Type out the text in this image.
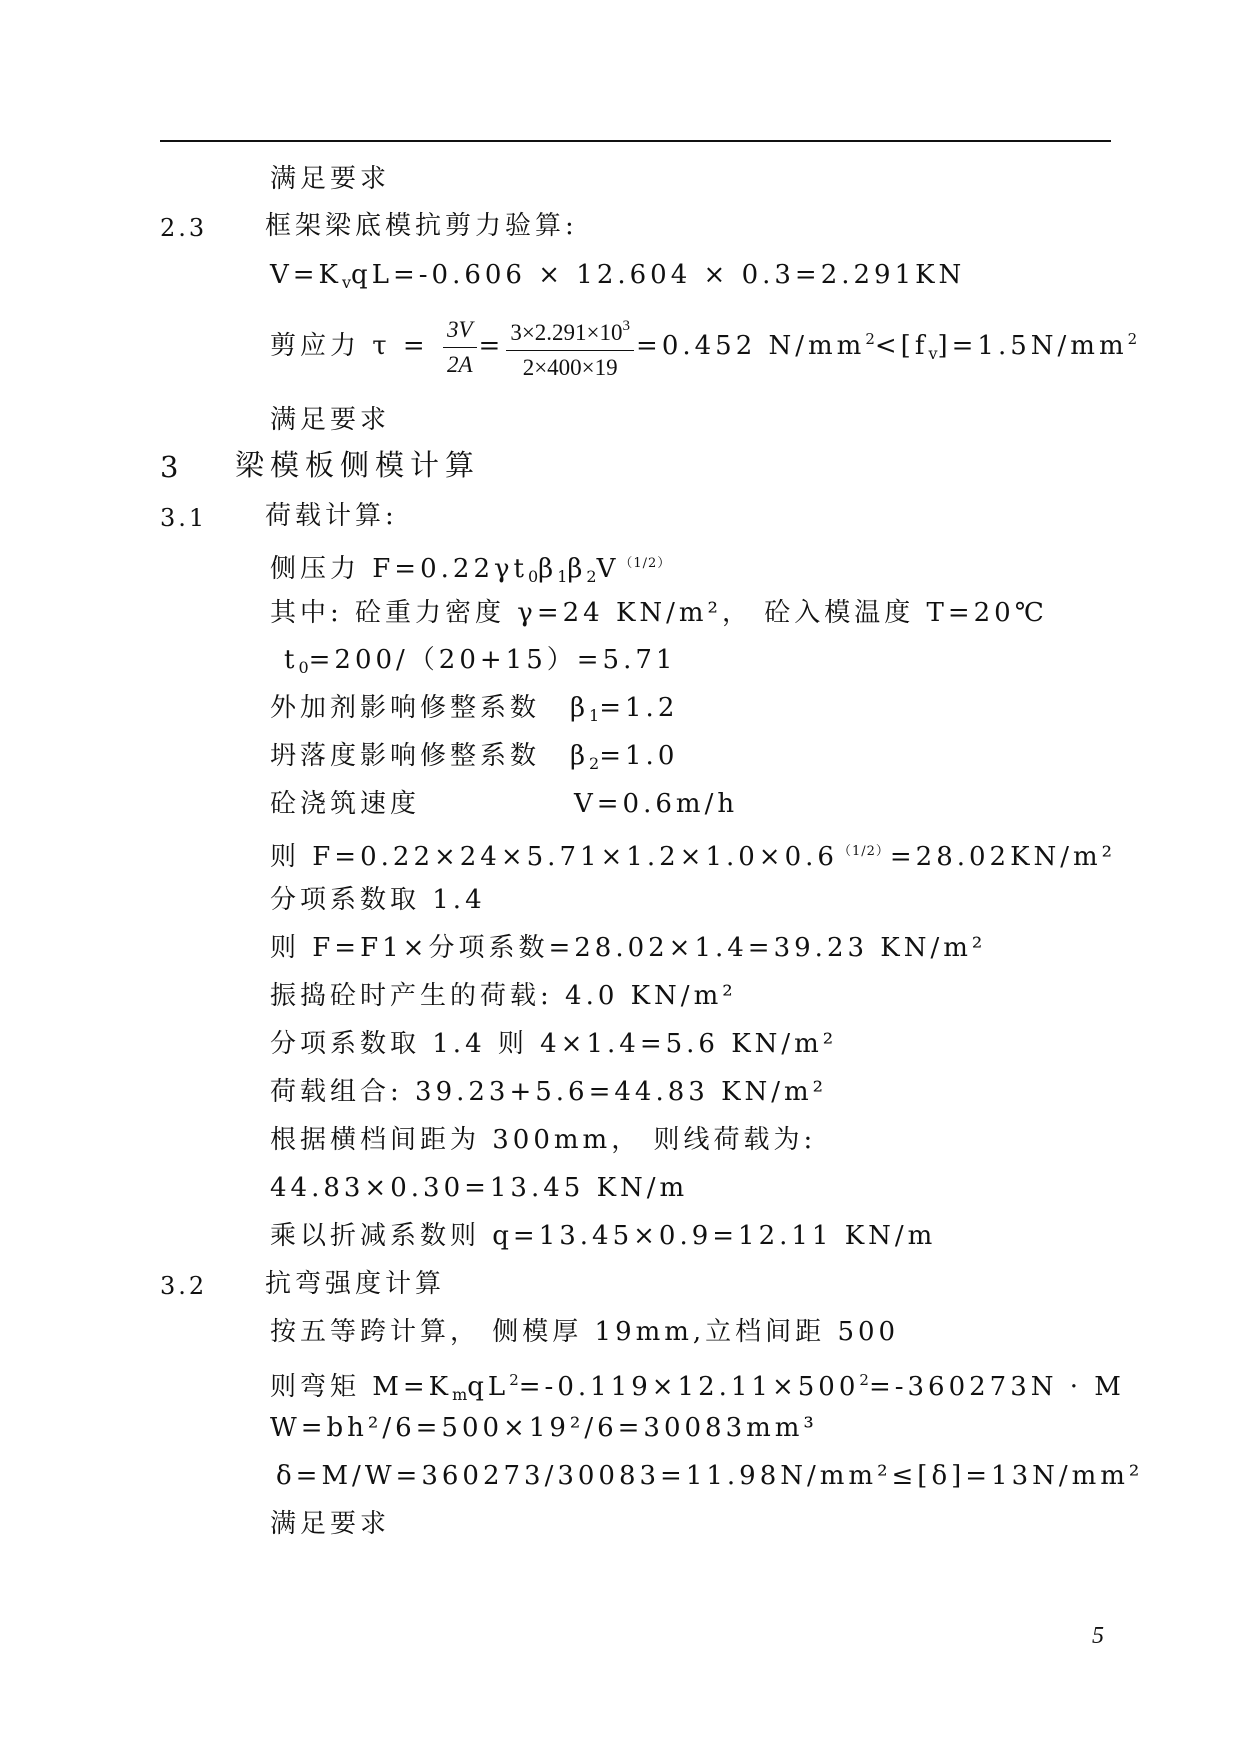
满足要求
2.3 框架梁底模抗剪力验算:
$V=K_vqL=-0.606 \times 12.604 \times 0.3=2.291KN$
剪应力 $\tau = \frac{3V}{2A} = \frac{3\times 2.291\times 10^3}{2\times 400\times 19} =0.452$ $N/mm^2<[f_v]=1.5N/mm^2$
满足要求
3 梁模板侧模计算
3.1 荷载计算:
侧压力 $F=0.22\gamma t_0\beta_1\beta_2V^{(1/2)}$
其中: 砼重力密度 γ=24 KN/m²， 砼入模温度 T=20℃
$t_0=200/(20+15)=5.71$
外加剂影响修整系数　$\beta_1=1.2$
坍落度影响修整系数　$\beta_2=1.0$
砼浇筑速度	V=0.6m/h
则 $F=0.22\times 24\times 5.71\times 1.2\times 1.0\times 0.6^{(1/2)}=28.02KN/m^2$
分项系数取 1.4
则 F=F1×分项系数=28.02×1.4=39.23 KN/m²
振捣砼时产生的荷载: 4.0 KN/m²
分项系数取 1.4 则 4×1.4=5.6 KN/m²
荷载组合: 39.23+5.6=44.83 KN/m²
根据横档间距为 300mm， 则线荷载为:
44.83×0.30=13.45 KN/m
乘以折减系数则 q=13.45×0.9=12.11 KN/m
3.2 抗弯强度计算
按五等跨计算， 侧模厚 19mm,立档间距 500
则弯矩 $M=K_mqL^2=-0.119\times 12.11\times 500^2=-360273N \cdot M$
W=bh²/6=500×19²/6=30083mm³
δ=M/W=360273/30083=11.98N/mm²≤[δ]=13N/mm²
满足要求
5
